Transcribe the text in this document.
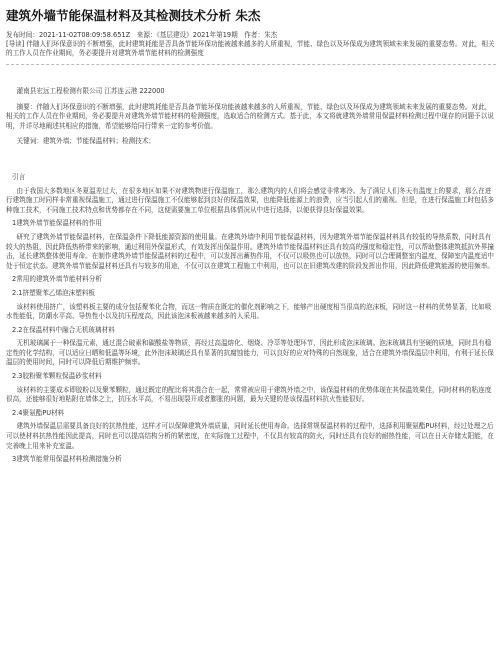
建筑外墙节能保温材料及其检测技术分析 朱杰
发布时间：2021-11-02T08:09:58.651Z　来源：《基层建设》2021年第19期　作者：朱杰

[导读] 伴随人们环保意识的不断增强，此时建筑耗能是否具备节能环保功能被越来越多的人所重视，节能、绿色以及环保成为建筑领域未来发展的重要态势。对此，相关的工作人员在作业期间，务必要提升对建筑外墙节能材料的检测强度

灌南县宏远工程检测有限公司 江苏连云港 222000

摘要：伴随人们环保意识的不断增强，此时建筑耗能是否具备节能环保功能被越来越多的人所重视，节能、绿色以及环保成为建筑领域未来发展的重要态势。对此，相关的工作人员在作业期间，务必要提升对建筑外墙节能材料的检测强度，选取适合的检测方式。基于此，本文将就建筑外墙常用保温材料检测过程中现存的问题予以说明，并详尽地阐述其相应的措施，希望能够给同行带来一定的参考价值。

关键词：建筑外墙；节能保温材料；检测技术；

引言

由于我国大多数地区冬夏温差过大，在很多地区如果不对建筑物进行保温施工，那么建筑内的人们将会感觉非常寒冷。为了满足人们冬天有温度上的要求，那么在进行建筑施工时同样非常重视保温施工，通过进行保温施工不仅能够起到良好的保温效果，也能降低能源上的浪费，应当引起人们的重视。但是，在进行保温施工时包括多种施工技术，不同施工技术特点和优势都存在不同，这便需要施工单位根据具体情况从中进行选择，以便获得良好保温效果。

1建筑外墙节能保温材料的作用

研究了建筑外墙节能保温材料，在保温条件下降低能源资源的使用量。在建筑外墙中利用节能保温材料，因为建筑外墙节能保温材料具有较低的导热系数，同时具有较大的热阻，因此降低热桥带来的影响，通过利用外保温形式，有效发挥出保温作用。建筑外墙节能保温材料还具有较高的强度和稳定性，可以帮助整体建筑抵抗外界撞击，延长建筑整体使用寿命。在制作建筑外墙节能保温材料的过程中，可以发挥出蓄热作用，不仅可以吸热也可以放热，同时可以合理调整室内温度，保障室内温度适中处于恒定状态。建筑外墙节能保温材料还具有与较多的用途，不仅可以在建筑工程施工中利用，也可以在旧建筑改建的阶段发挥出作用，因此降低建筑能源的使用频率。

2常用的建筑外墙节能材料分析
2.1挤塑聚苯乙烯泡沫塑料板

该材料使用挤广，该塑料板主要的成分包括聚苯化合物，而这一物质在既定的催化剂影响之下，能够产出硬度相当很高的泡沫板，同时这一材料的优势显著，比如吸水性能低，防潮水平高、导热性小以及抗压程度高，因此该泡沫板被越来越多的人采用。

2.2在保温材料中融合无机玻璃材料

无机玻璃属于一种保温元素，通过混合破素和碳酸盐等物质，再经过高温熔化、烟烧、冷萃等处理环节，因此形成泡沫玻璃。泡沫玻璃具有坚硬的质地，同时具有稳定性的化学结构，可以适应日晒和低温等环境，此外泡沫玻璃还具有显著的抗腐蚀能力，可以良好的应对特殊的自然现象，适合在建筑外墙保温层中利用，有利于延长保温层的使用时间，同时可以降低后期维护频率。

2.3胶粉聚苯颗粒保温砂浆材料

该材料的主要成本即胶粉以及聚苯颗粒，通过既定的配比将其混合在一起，常常被应用于建筑外墙之中，该保温材料的优势体现在其保温效果佳，同时材料的粘连度很高，还能够很好地粘附在墙体之上，抗压水平高，不易出现裂开或者膨胀的问题，最为关键的是该保温材料抗火性能很好。

2.4聚氨酯PU材料

建筑外墙保温层需要具备良好的抗热性能，这样才可以保障建筑外墙质量，同时延长使用寿命。选择常规保温材料的过程中，选择利用聚氨酯PU材料，经过处理之后可以使材料抗热性能因此提高，同时也可以提高结构分析的紧密度，在实际施工过程中，不仅具有较高的防火，同时还具有良好的耐热性能，可以在日天存储太阳能，在完善晚上用来补充室温。

3建筑节能常用保温材料检测措施分析
